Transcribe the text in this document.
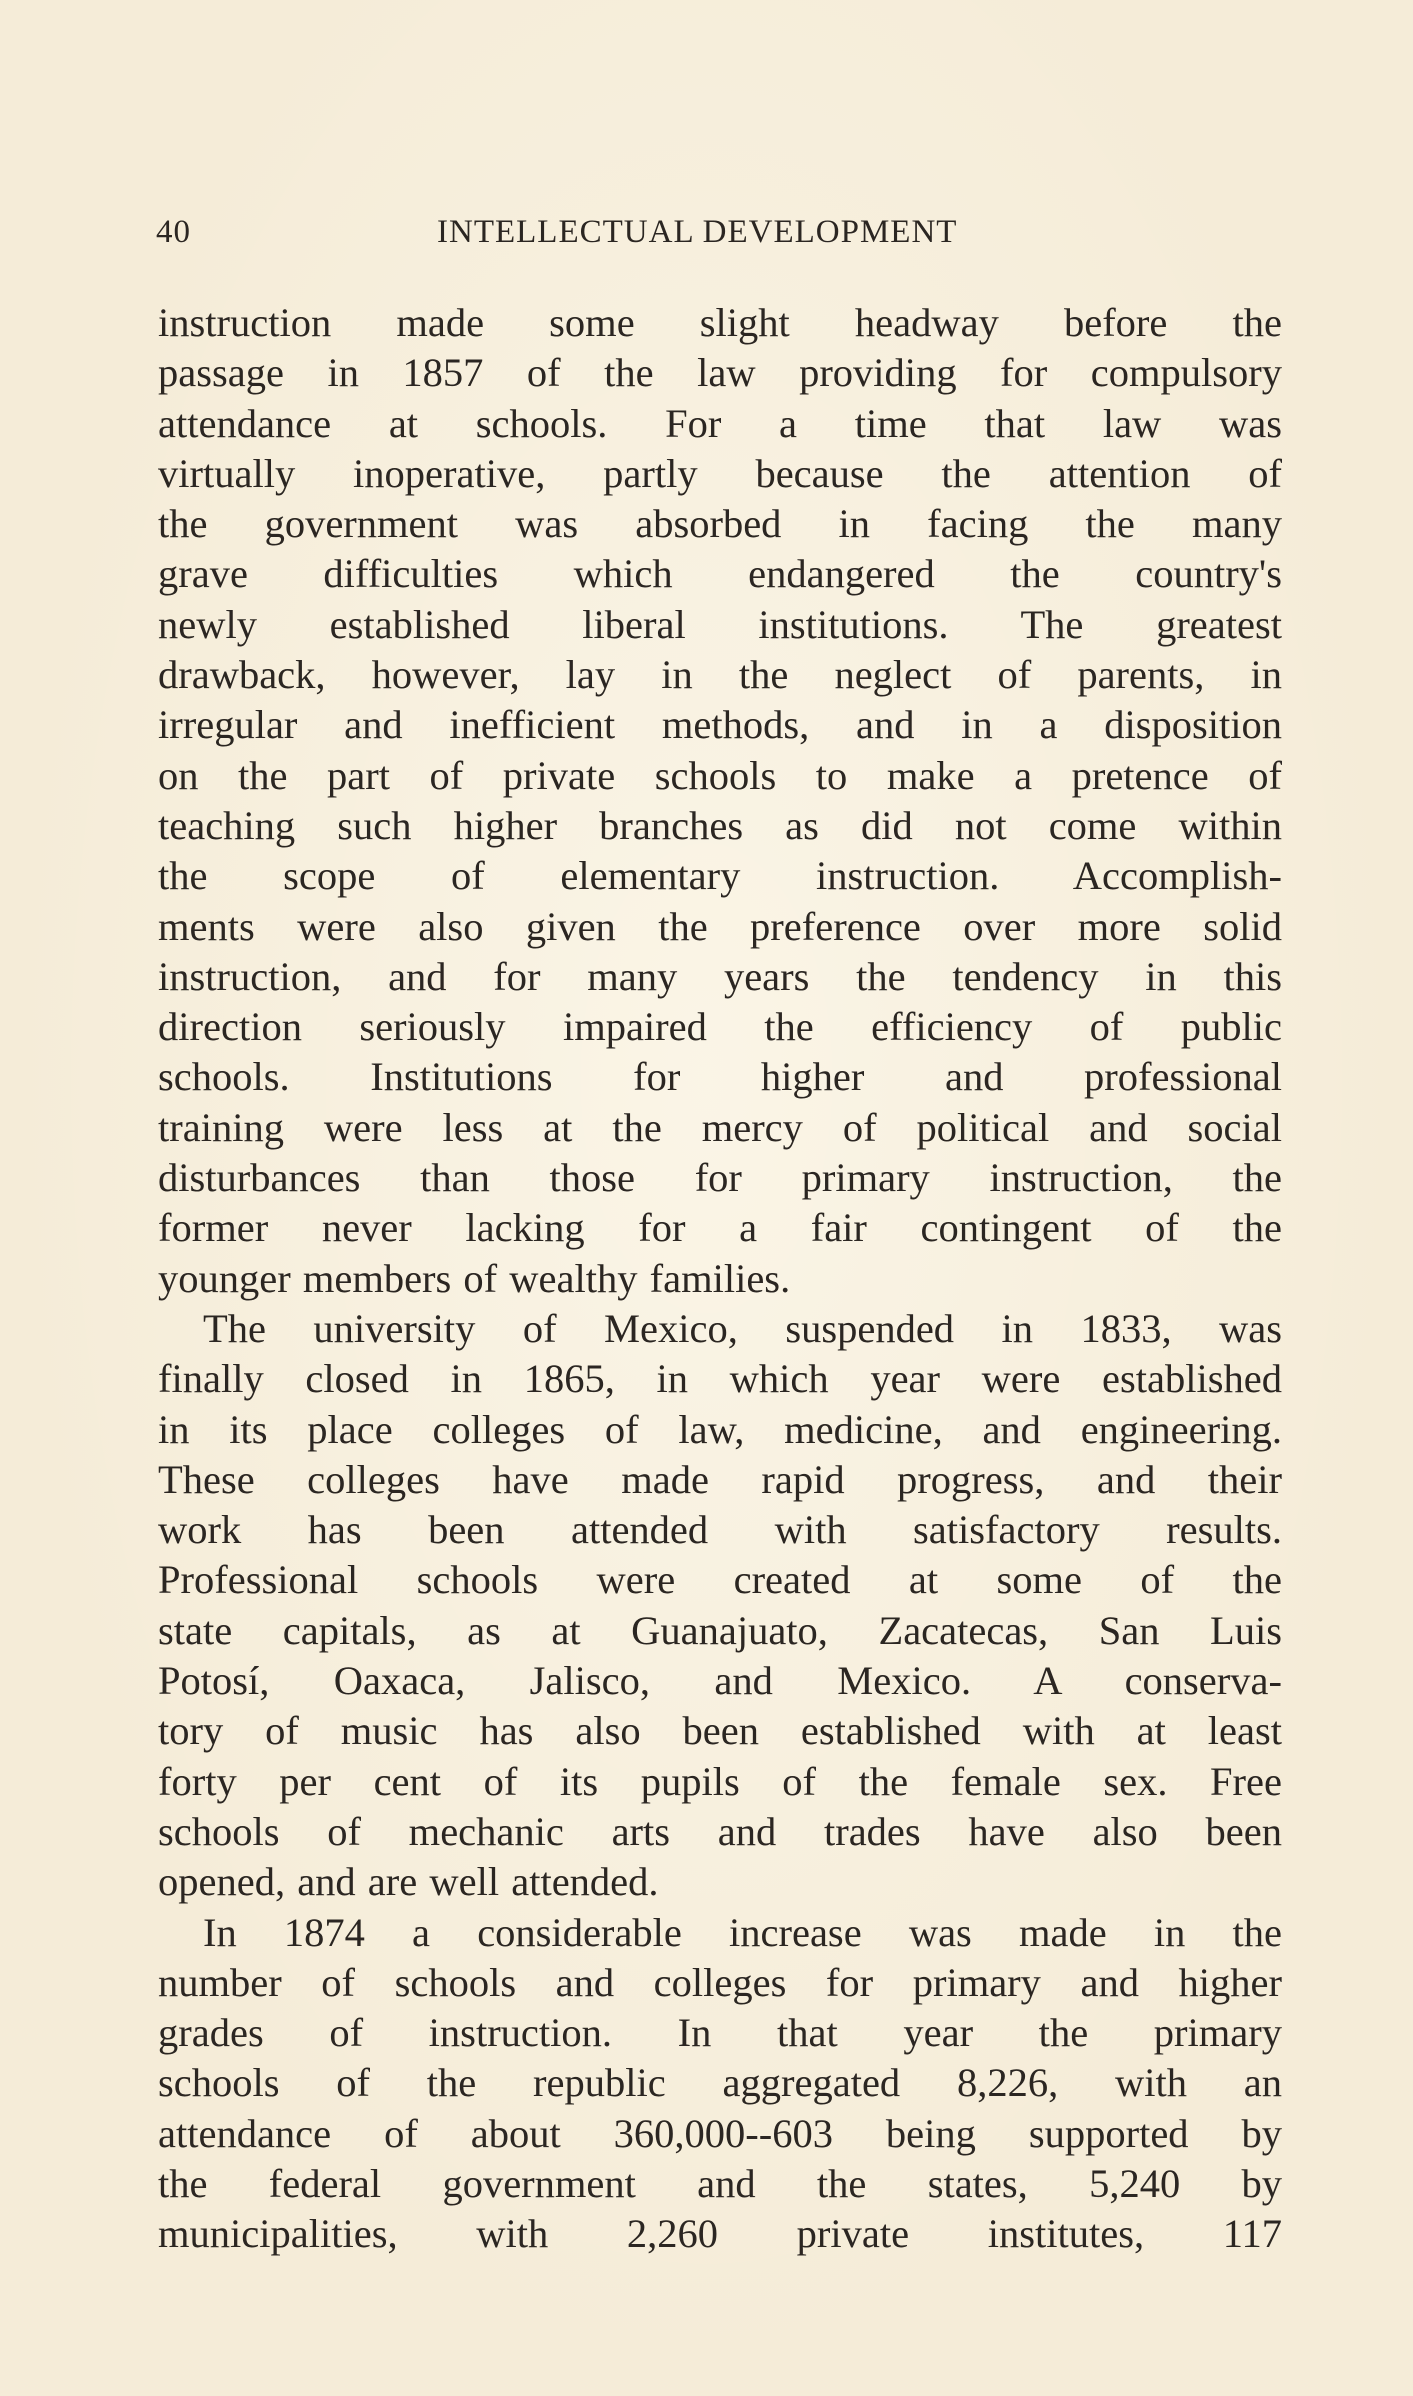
40	INTELLECTUAL DEVELOPMENT
instruction made some slight headway before the
passage in 1857 of the law providing for compulsory
attendance at schools. For a time that law was
virtually inoperative, partly because the attention of
the government was absorbed in facing the many
grave difficulties which endangered the country's
newly established liberal institutions. The greatest
drawback, however, lay in the neglect of parents, in
irregular and inefficient methods, and in a disposition
on the part of private schools to make a pretence of
teaching such higher branches as did not come within
the scope of elementary instruction. Accomplish-
ments were also given the preference over more solid
instruction, and for many years the tendency in this
direction seriously impaired the efficiency of public
schools. Institutions for higher and professional
training were less at the mercy of political and social
disturbances than those for primary instruction, the
former never lacking for a fair contingent of the
younger members of wealthy families.
The university of Mexico, suspended in 1833, was
finally closed in 1865, in which year were established
in its place colleges of law, medicine, and engineering.
These colleges have made rapid progress, and their
work has been attended with satisfactory results.
Professional schools were created at some of the
state capitals, as at Guanajuato, Zacatecas, San Luis
Potosí, Oaxaca, Jalisco, and Mexico. A conserva-
tory of music has also been established with at least
forty per cent of its pupils of the female sex. Free
schools of mechanic arts and trades have also been
opened, and are well attended.
In 1874 a considerable increase was made in the
number of schools and colleges for primary and higher
grades of instruction. In that year the primary
schools of the republic aggregated 8,226, with an
attendance of about 360,000--603 being supported by
the federal government and the states, 5,240 by
municipalities, with 2,260 private institutes, 117
